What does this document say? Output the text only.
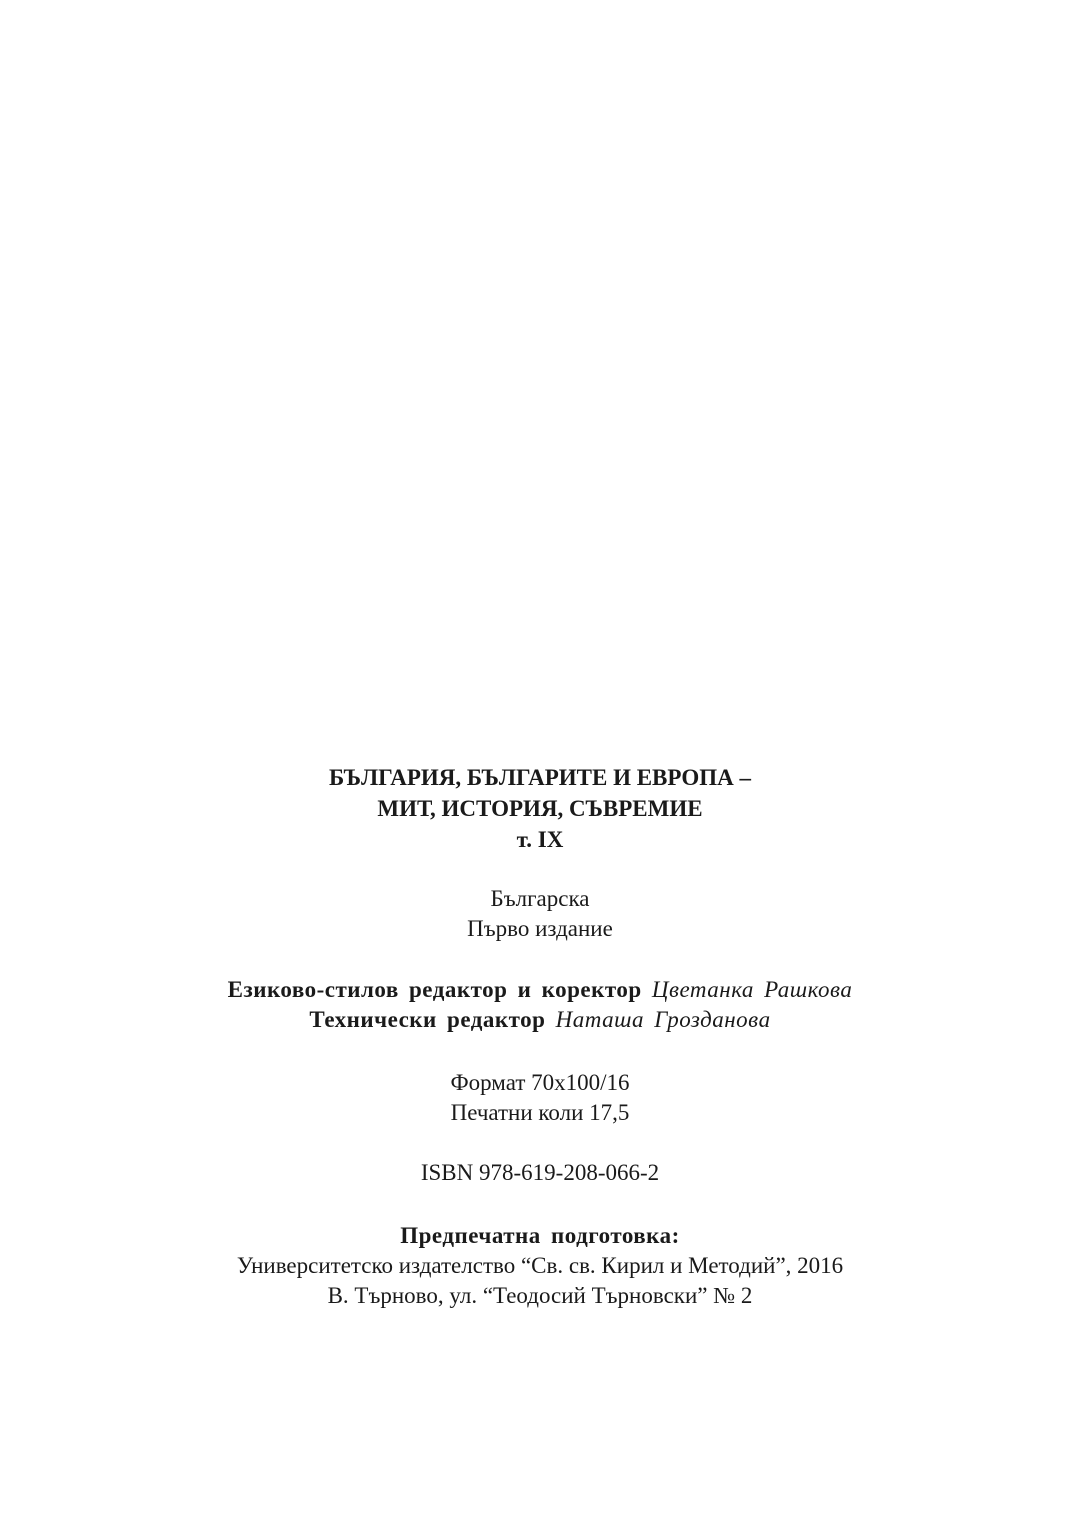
БЪЛГАРИЯ, БЪЛГАРИТЕ И ЕВРОПА –
МИТ, ИСТОРИЯ, СЪВРЕМИЕ
т. IX
Българска
Първо издание
Езиково-стилов редактор и коректор Цветанка Рашкова
Технически редактор Наташа Гроздановa
Формат 70x100/16
Печатни коли 17,5
ISBN 978-619-208-066-2
Предпечатна подготовка:
Университетско издателство “Св. св. Кирил и Методий”, 2016
В. Търново, ул. “Теодосий Търновски” № 2
